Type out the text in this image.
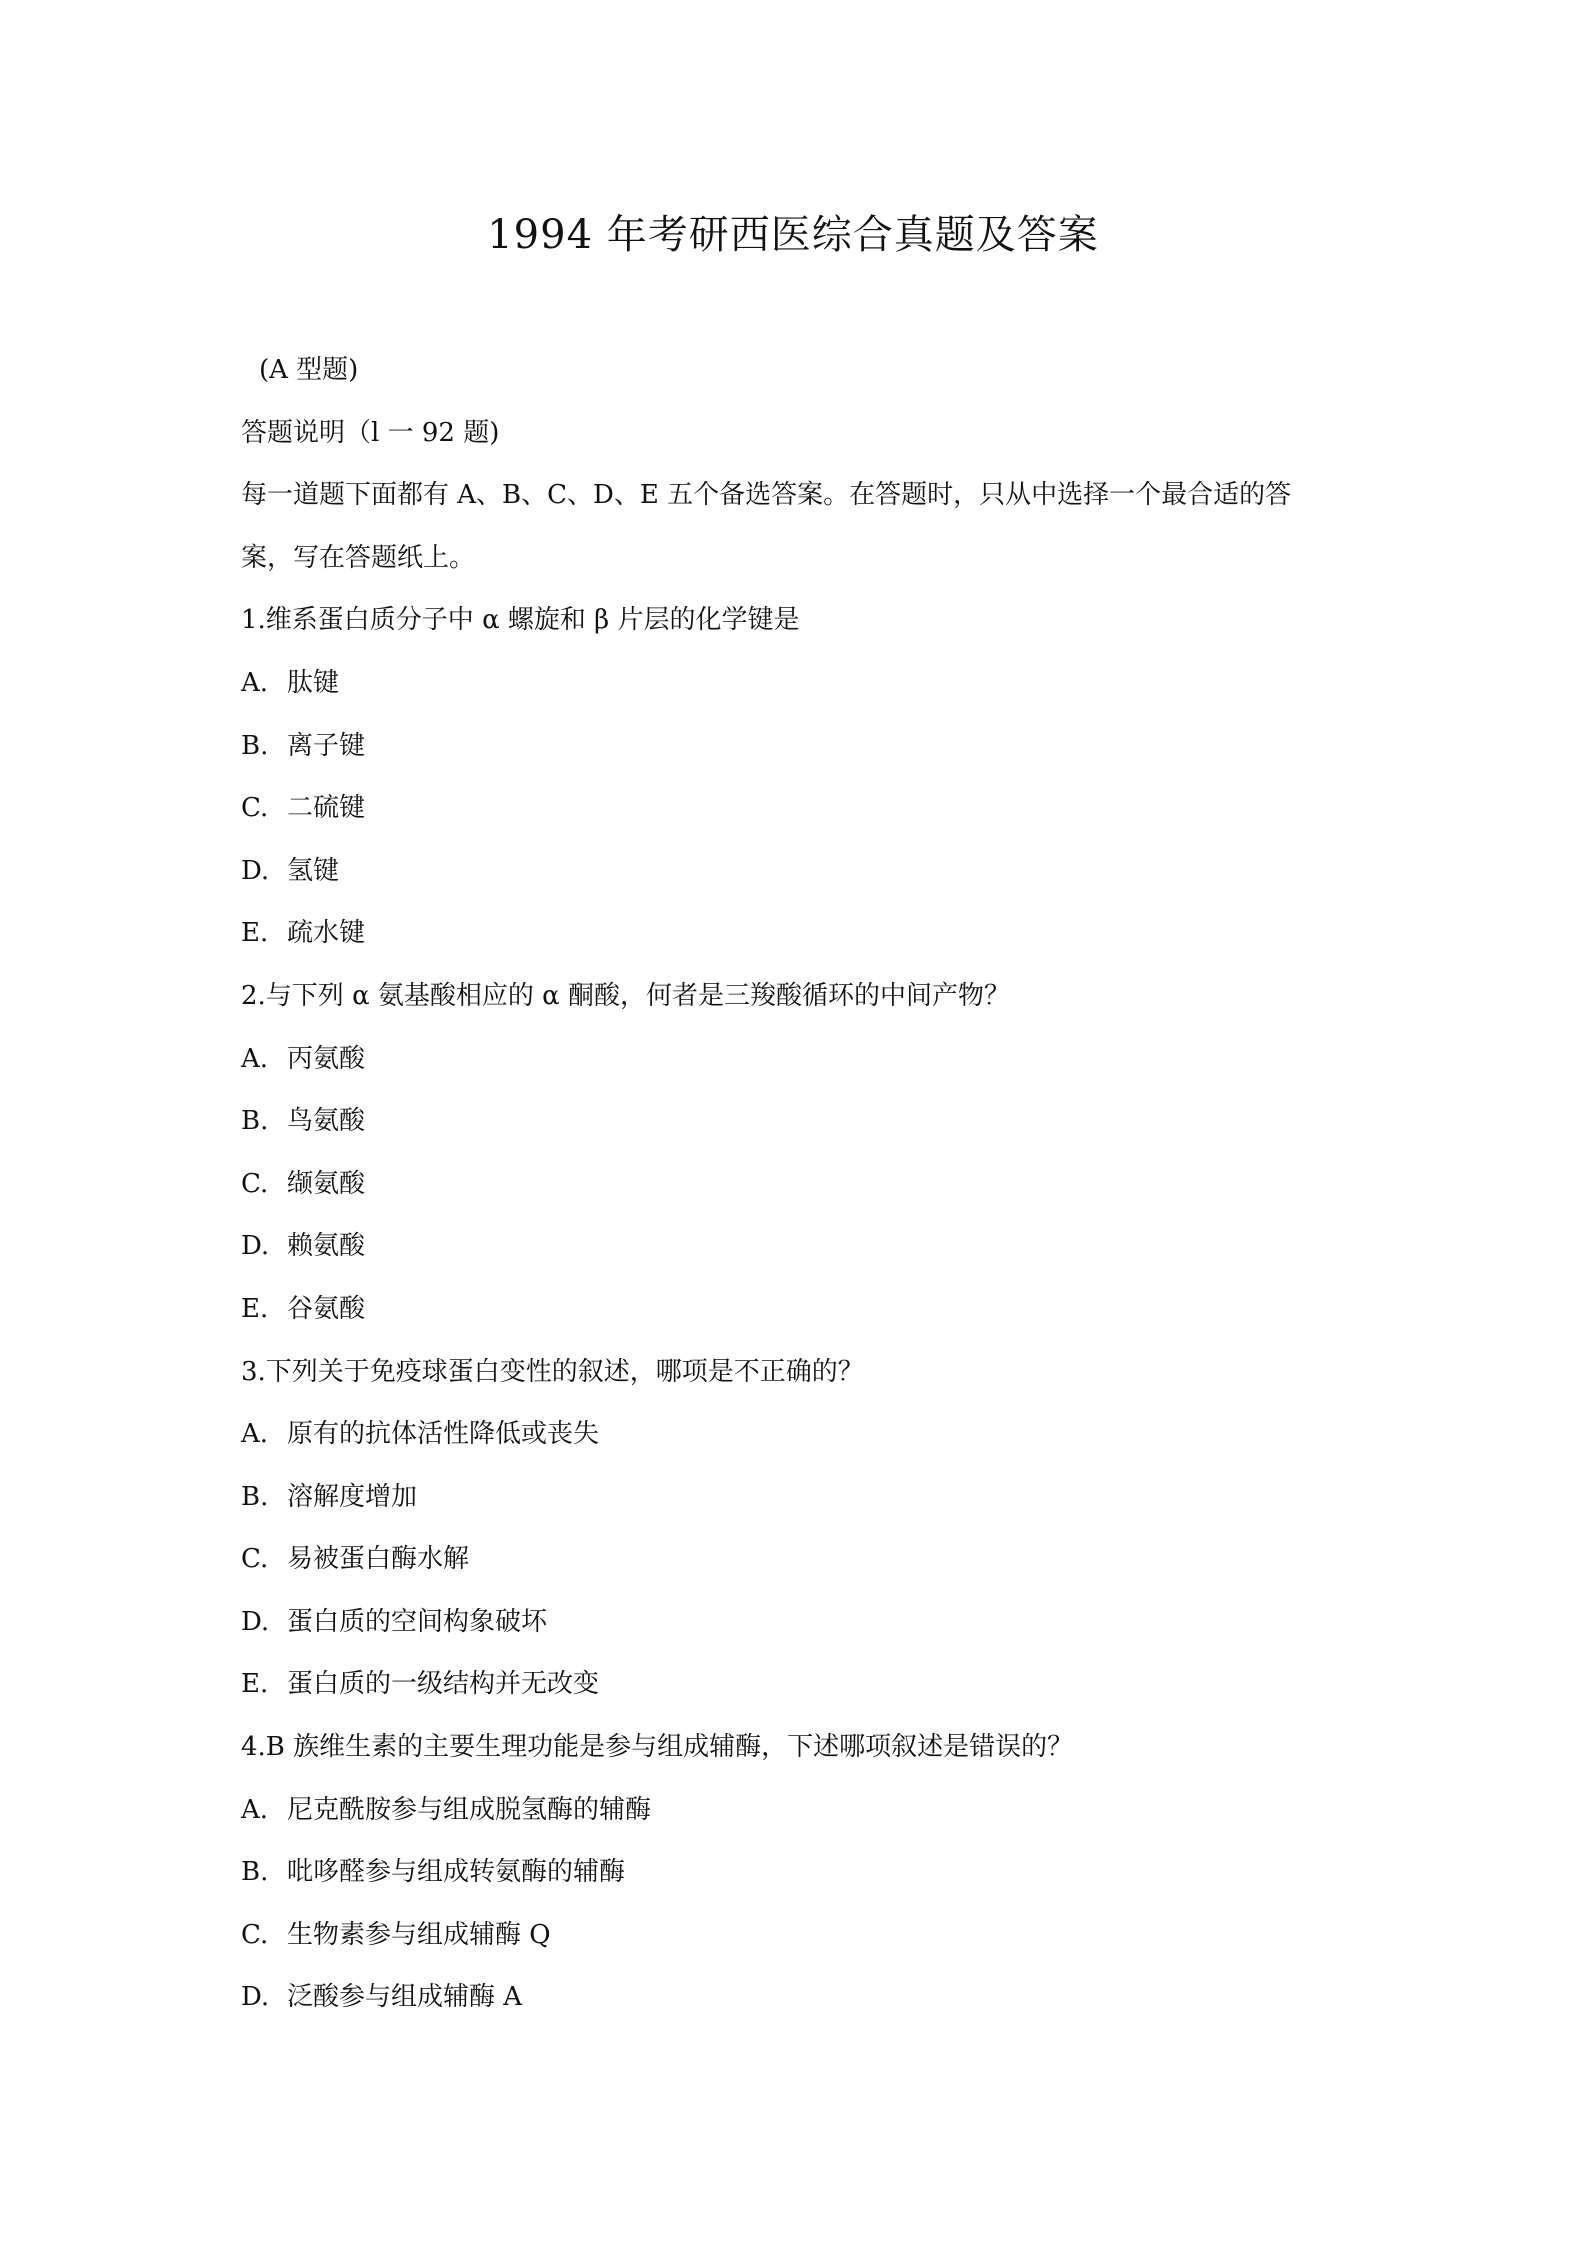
1994 年考研西医综合真题及答案

(A 型题)

答题说明（l 一 92 题)

每一道题下面都有 A、B、C、D、E 五个备选答案。在答题时，只从中选择一个最合适的答

案，写在答题纸上。

1.维系蛋白质分子中 α 螺旋和 β 片层的化学键是

A. 肽键

B. 离子键

C. 二硫键

D. 氢键

E. 疏水键

2.与下列 α 氨基酸相应的 α 酮酸，何者是三羧酸循环的中间产物？

A. 丙氨酸

B. 鸟氨酸

C. 缬氨酸

D. 赖氨酸

E. 谷氨酸

3.下列关于免疫球蛋白变性的叙述，哪项是不正确的？

A. 原有的抗体活性降低或丧失

B. 溶解度增加

C. 易被蛋白酶水解

D. 蛋白质的空间构象破坏

E. 蛋白质的一级结构并无改变

4.B 族维生素的主要生理功能是参与组成辅酶，下述哪项叙述是错误的？

A. 尼克酰胺参与组成脱氢酶的辅酶

B. 吡哆醛参与组成转氨酶的辅酶

C. 生物素参与组成辅酶 Q

D. 泛酸参与组成辅酶 A
